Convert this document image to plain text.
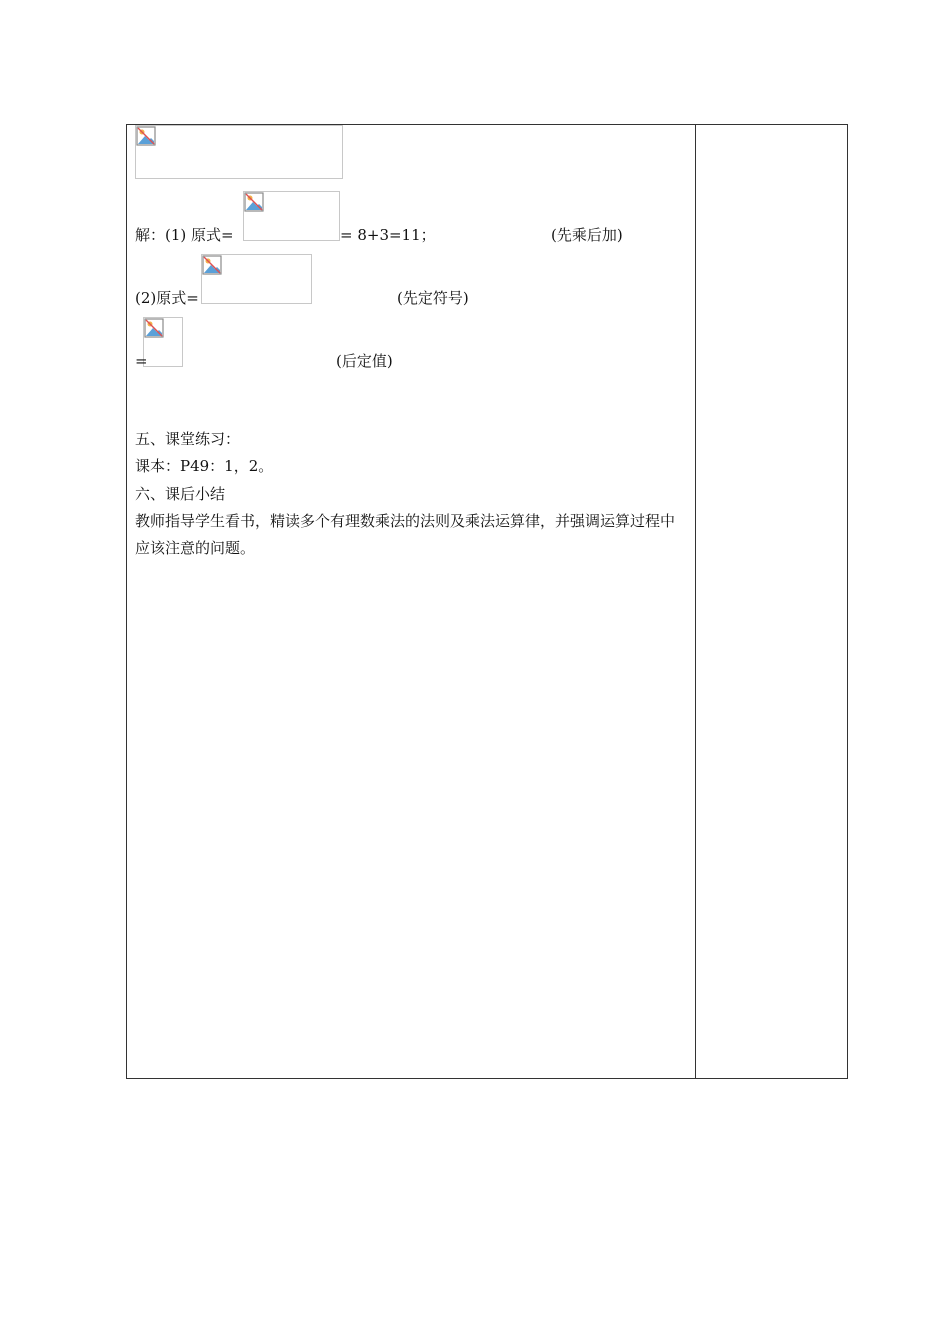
解：(1) 原式=	= 8+3=11；	(先乘后加)
(2)原式=	(先定符号)
=	(后定值)
五、课堂练习：
课本：P49：1，2。
六、课后小结
教师指导学生看书，精读多个有理数乘法的法则及乘法运算律，并强调运算过程中应该注意的问题。
